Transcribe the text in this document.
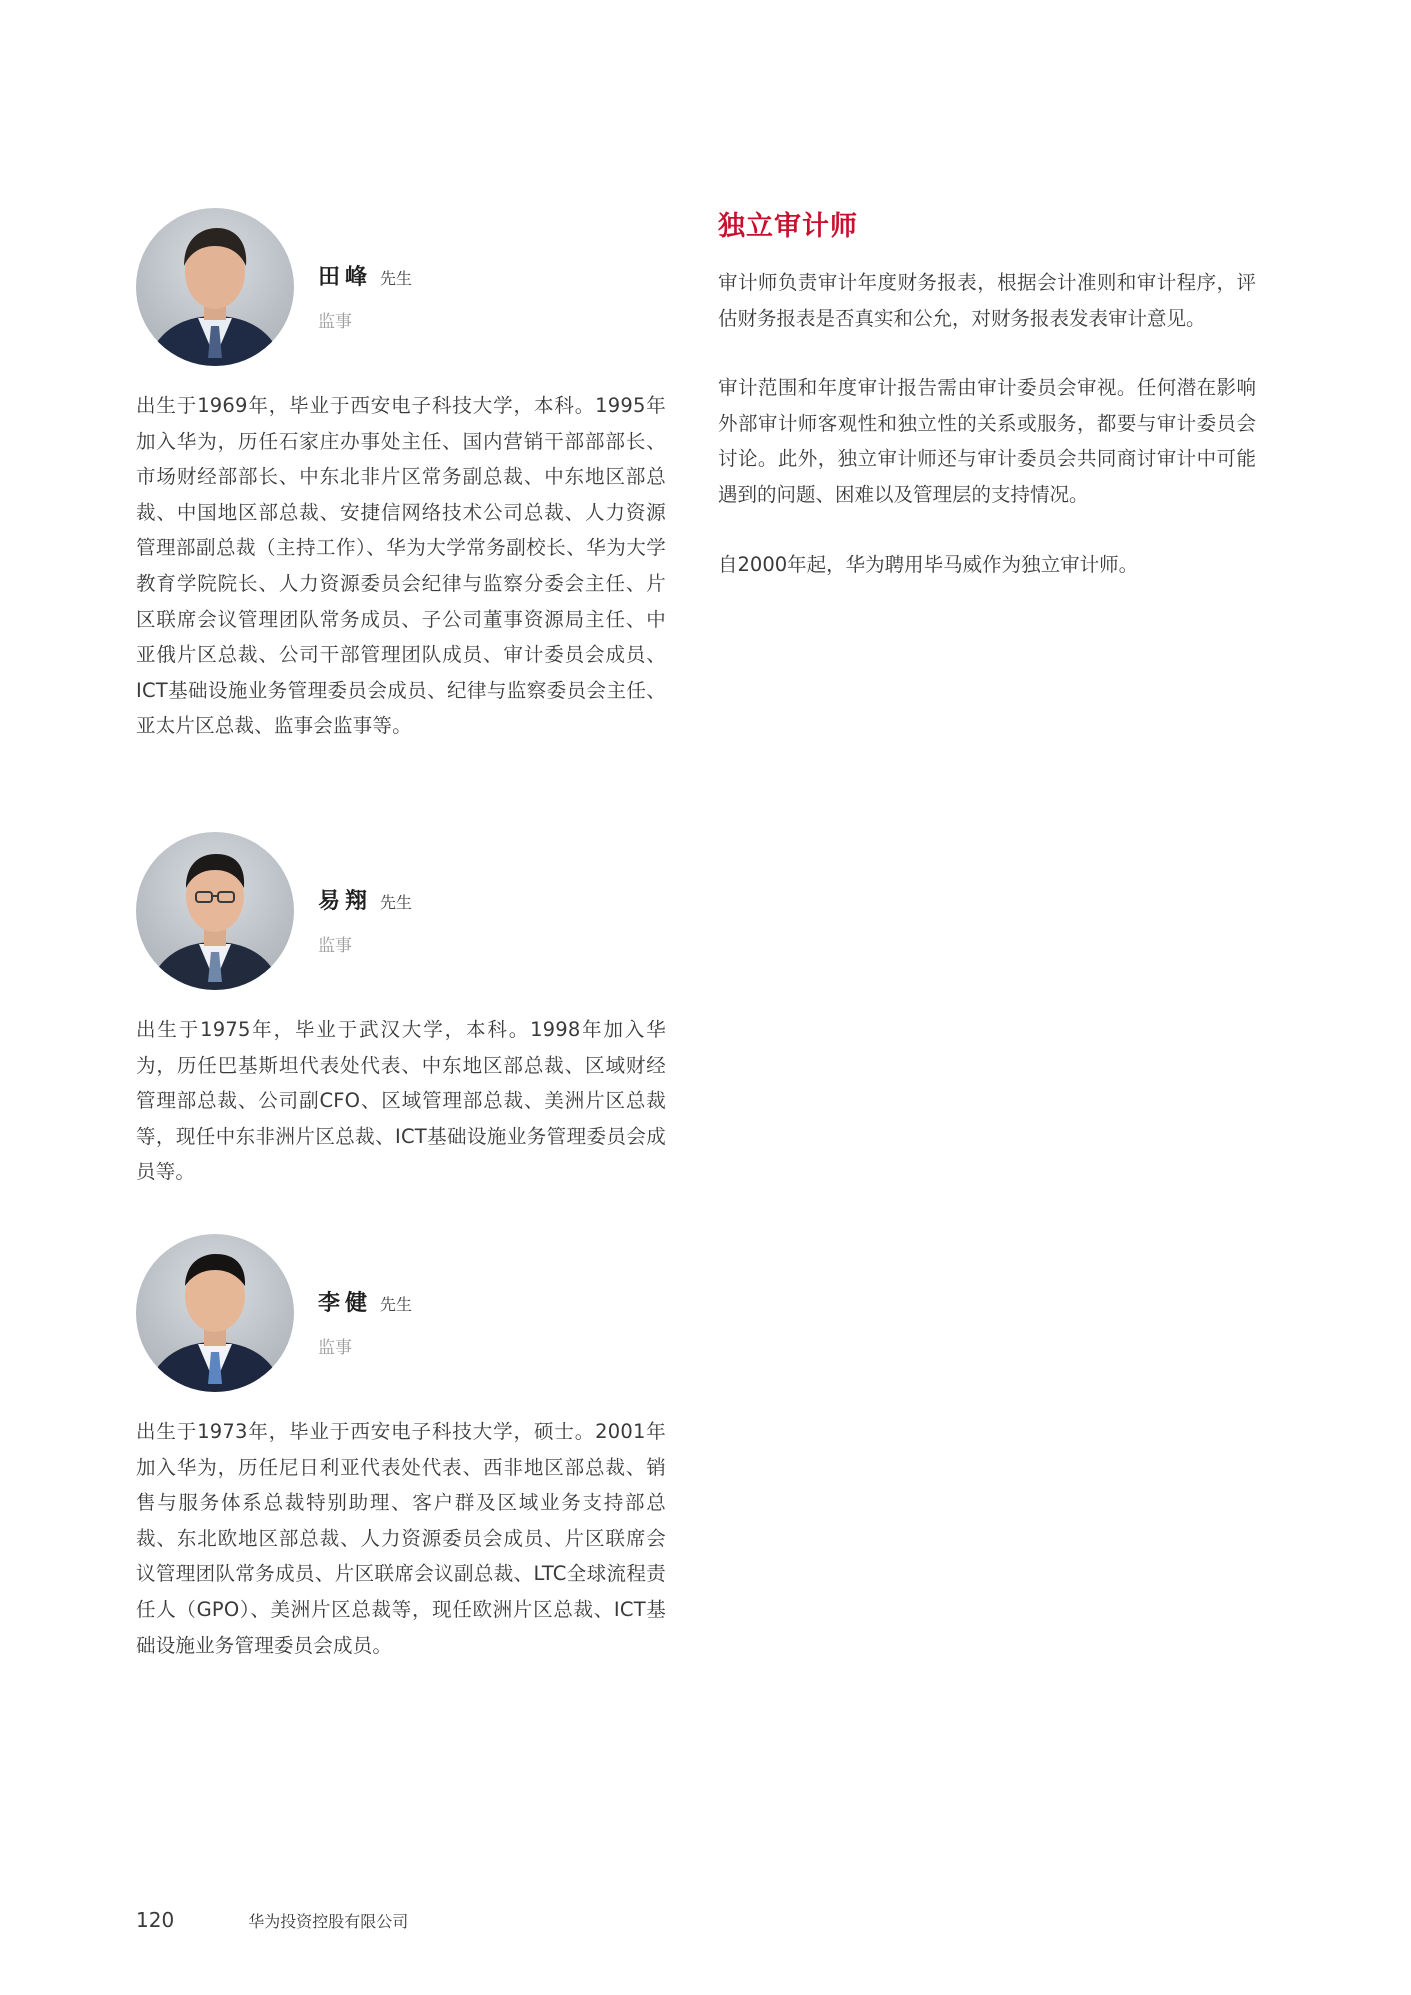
田峰 先生
监事

出生于1969年，毕业于西安电子科技大学，本科。1995年加入华为，历任石家庄办事处主任、国内营销干部部部长、市场财经部部长、中东北非片区常务副总裁、中东地区部总裁、中国地区部总裁、安捷信网络技术公司总裁、人力资源管理部副总裁（主持工作）、华为大学常务副校长、华为大学教育学院院长、人力资源委员会纪律与监察分委会主任、片区联席会议管理团队常务成员、子公司董事资源局主任、中亚俄片区总裁、公司干部管理团队成员、审计委员会成员、ICT基础设施业务管理委员会成员、纪律与监察委员会主任、亚太片区总裁、监事会监事等。

易翔 先生
监事

出生于1975年，毕业于武汉大学，本科。1998年加入华为，历任巴基斯坦代表处代表、中东地区部总裁、区域财经管理部总裁、公司副CFO、区域管理部总裁、美洲片区总裁等，现任中东非洲片区总裁、ICT基础设施业务管理委员会成员等。

李健 先生
监事

出生于1973年，毕业于西安电子科技大学，硕士。2001年加入华为，历任尼日利亚代表处代表、西非地区部总裁、销售与服务体系总裁特别助理、客户群及区域业务支持部总裁、东北欧地区部总裁、人力资源委员会成员、片区联席会议管理团队常务成员、片区联席会议副总裁、LTC全球流程责任人（GPO）、美洲片区总裁等，现任欧洲片区总裁、ICT基础设施业务管理委员会成员。

独立审计师

审计师负责审计年度财务报表，根据会计准则和审计程序，评估财务报表是否真实和公允，对财务报表发表审计意见。

审计范围和年度审计报告需由审计委员会审视。任何潜在影响外部审计师客观性和独立性的关系或服务，都要与审计委员会讨论。此外，独立审计师还与审计委员会共同商讨审计中可能遇到的问题、困难以及管理层的支持情况。

自2000年起，华为聘用毕马威作为独立审计师。

120	华为投资控股有限公司
